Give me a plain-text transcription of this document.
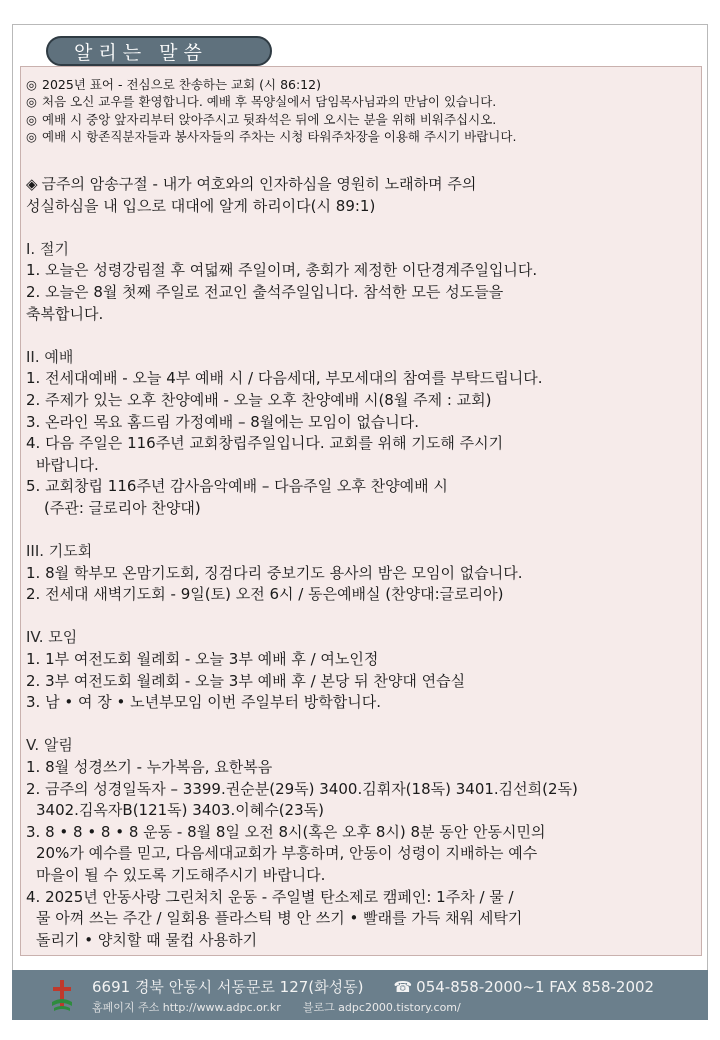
알리는 말씀
◎ 2025년 표어 - 전심으로 찬송하는 교회 (시 86:12)
◎ 처음 오신 교우를 환영합니다. 예배 후 목양실에서 담임목사님과의 만남이 있습니다.
◎ 예배 시 중앙 앞자리부터 앉아주시고 뒷좌석은 뒤에 오시는 분을 위해 비워주십시오.
◎ 예배 시 항존직분자들과 봉사자들의 주차는 시청 타워주차장을 이용해 주시기 바랍니다.
◈ 금주의 암송구절 - 내가 여호와의 인자하심을 영원히 노래하며 주의
성실하심을 내 입으로 대대에 알게 하리이다(시 89:1)
I. 절기
1. 오늘은 성령강림절 후 여덟째 주일이며, 총회가 제정한 이단경계주일입니다.
2. 오늘은 8월 첫째 주일로 전교인 출석주일입니다. 참석한 모든 성도들을
축복합니다.
II. 예배
1. 전세대예배 - 오늘 4부 예배 시 / 다음세대, 부모세대의 참여를 부탁드립니다.
2. 주제가 있는 오후 찬양예배 - 오늘 오후 찬양예배 시(8월 주제 : 교회)
3. 온라인 목요 홈드림 가정예배 – 8월에는 모임이 없습니다.
4. 다음 주일은 116주년 교회창립주일입니다. 교회를 위해 기도해 주시기
바랍니다.
5. 교회창립 116주년 감사음악예배 – 다음주일 오후 찬양예배 시
(주관: 글로리아 찬양대)
III. 기도회
1. 8월 학부모 온맘기도회, 징검다리 중보기도 용사의 밤은 모임이 없습니다.
2. 전세대 새벽기도회 - 9일(토) 오전 6시 / 동은예배실 (찬양대:글로리아)
IV. 모임
1. 1부 여전도회 월례회 - 오늘 3부 예배 후 / 여노인정
2. 3부 여전도회 월례회 - 오늘 3부 예배 후 / 본당 뒤 찬양대 연습실
3. 남 • 여 장 • 노년부모임 이번 주일부터 방학합니다.
V. 알림
1. 8월 성경쓰기 - 누가복음, 요한복음
2. 금주의 성경일독자 – 3399.권순분(29독) 3400.김휘자(18독) 3401.김선희(2독)
3402.김옥자B(121독) 3403.이혜수(23독)
3. 8 • 8 • 8 • 8 운동 - 8월 8일 오전 8시(혹은 오후 8시) 8분 동안 안동시민의
20%가 예수를 믿고, 다음세대교회가 부흥하며, 안동이 성령이 지배하는 예수
마을이 될 수 있도록 기도해주시기 바랍니다.
4. 2025년 안동사랑 그린처치 운동 - 주일별 탄소제로 캠페인: 1주차 / 물 /
물 아껴 쓰는 주간 / 일회용 플라스틱 병 안 쓰기 • 빨래를 가득 채워 세탁기
돌리기 • 양치할 때 물컵 사용하기
6691 경북 안동시 서동문로 127(화성동) ☎ 054-858-2000~1 FAX 858-2002
홈페이지 주소 http://www.adpc.or.kr 블로그 adpc2000.tistory.com/
